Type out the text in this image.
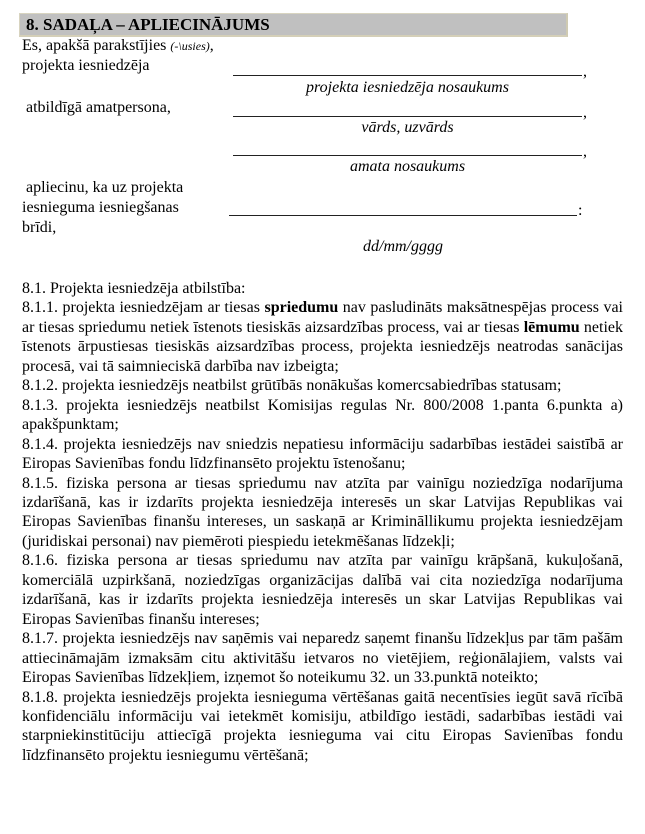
8. SADAĻA – APLIECINĀJUMS
Es, apakšā parakstījies (-\usies),
projekta iesniedzēja	,
projekta iesniedzēja nosaukums
atbildīgā amatpersona,	,
vārds, uzvārds
,
amata nosaukums
apliecinu, ka uz projekta
iesnieguma iesniegšanas
brīdi,
:
dd/mm/gggg

8.1. Projekta iesniedzēja atbilstība:

8.1.1. projekta iesniedzējam ar tiesas spriedumu nav pasludināts maksātnespējas process vai ar tiesas spriedumu netiek īstenots tiesiskās aizsardzības process, vai ar tiesas lēmumu netiek īstenots ārpustiesas tiesiskās aizsardzības process, projekta iesniedzējs neatrodas sanācijas procesā, vai tā saimnieciskā darbība nav izbeigta;

8.1.2. projekta iesniedzējs neatbilst grūtībās nonākušas komercsabiedrības statusam;

8.1.3. projekta iesniedzējs neatbilst Komisijas regulas Nr. 800/2008 1.panta 6.punkta a) apakšpunktam;

8.1.4. projekta iesniedzējs nav sniedzis nepatiesu informāciju sadarbības iestādei saistībā ar Eiropas Savienības fondu līdzfinansēto projektu īstenošanu;

8.1.5. fiziska persona ar tiesas spriedumu nav atzīta par vainīgu noziedzīga nodarījuma izdarīšanā, kas ir izdarīts projekta iesniedzēja interesēs un skar Latvijas Republikas vai Eiropas Savienības finanšu intereses, un saskaņā ar Krimināllikumu projekta iesniedzējam (juridiskai personai) nav piemēroti piespiedu ietekmēšanas līdzekļi;

8.1.6. fiziska persona ar tiesas spriedumu nav atzīta par vainīgu krāpšanā, kukuļošanā, komerciālā uzpirkšanā, noziedzīgas organizācijas dalībā vai cita noziedzīga nodarījuma izdarīšanā, kas ir izdarīts projekta iesniedzēja interesēs un skar Latvijas Republikas vai Eiropas Savienības finanšu intereses;

8.1.7. projekta iesniedzējs nav saņēmis vai neparedz saņemt finanšu līdzekļus par tām pašām attiecināmajām izmaksām citu aktivitāšu ietvaros no vietējiem, reģionālajiem, valsts vai Eiropas Savienības līdzekļiem, izņemot šo noteikumu 32. un 33.punktā noteikto;

8.1.8. projekta iesniedzējs projekta iesnieguma vērtēšanas gaitā necentīsies iegūt savā rīcībā konfidenciālu informāciju vai ietekmēt komisiju, atbildīgo iestādi, sadarbības iestādi vai starpniekinstitūciju attiecīgā projekta iesnieguma vai citu Eiropas Savienības fondu līdzfinansēto projektu iesniegumu vērtēšanā;
